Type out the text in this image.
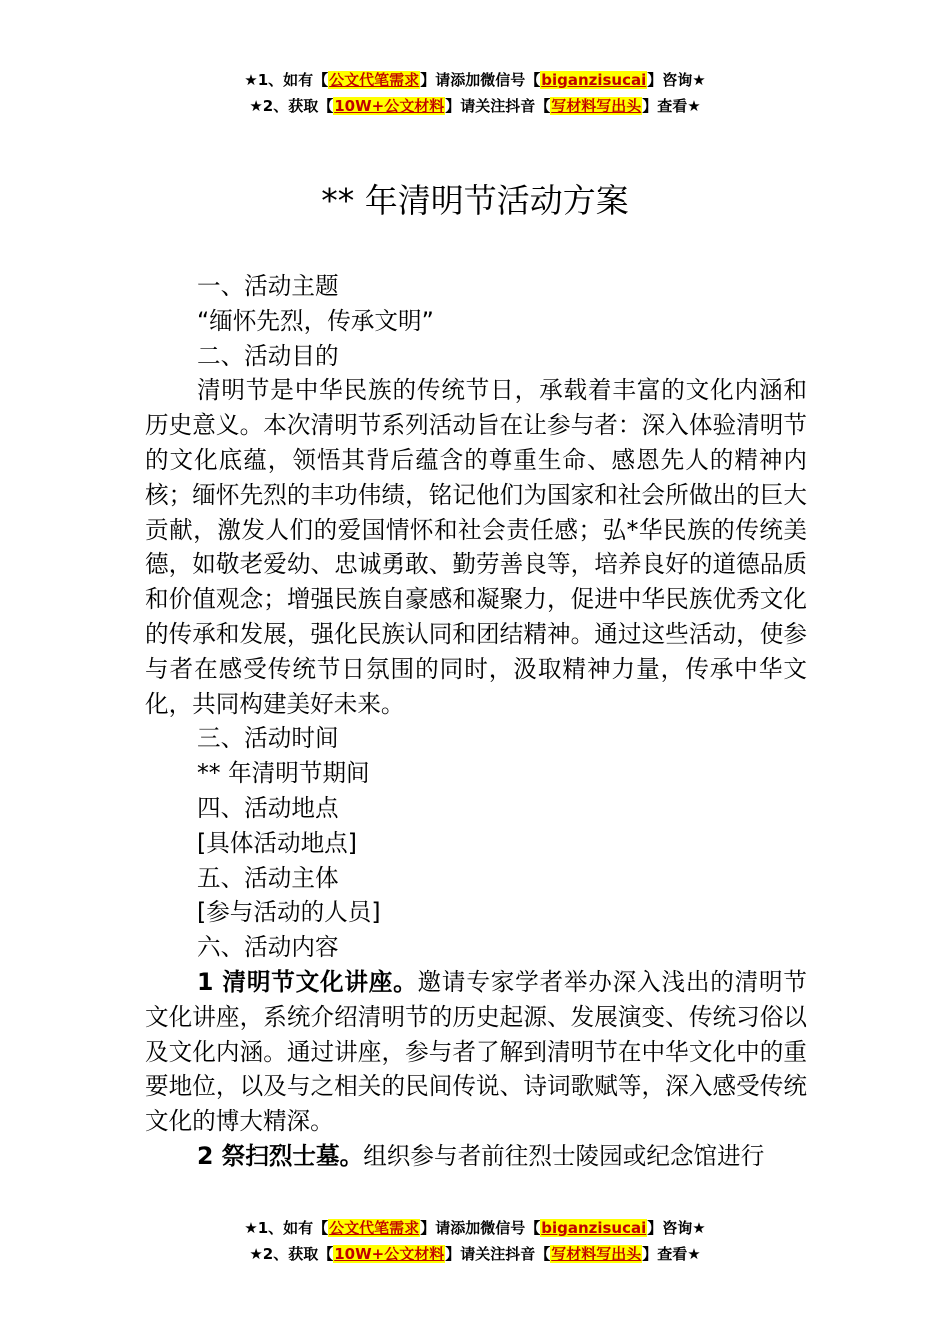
★1、如有【公文代笔需求】请添加微信号【biganzisucai】咨询★
★2、获取【10W+公文材料】请关注抖音【写材料写出头】查看★
** 年清明节活动方案

一、活动主题

“缅怀先烈，传承文明”

二、活动目的

清明节是中华民族的传统节日，承载着丰富的文化内涵和历史意义。本次清明节系列活动旨在让参与者：深入体验清明节的文化底蕴，领悟其背后蕴含的尊重生命、感恩先人的精神内核；缅怀先烈的丰功伟绩，铭记他们为国家和社会所做出的巨大贡献，激发人们的爱国情怀和社会责任感；弘*华民族的传统美德，如敬老爱幼、忠诚勇敢、勤劳善良等，培养良好的道德品质和价值观念；增强民族自豪感和凝聚力，促进中华民族优秀文化的传承和发展，强化民族认同和团结精神。通过这些活动，使参与者在感受传统节日氛围的同时，汲取精神力量，传承中华文化，共同构建美好未来。

三、活动时间

** 年清明节期间

四、活动地点

[具体活动地点]

五、活动主体

[参与活动的人员]

六、活动内容

1 清明节文化讲座。邀请专家学者举办深入浅出的清明节文化讲座，系统介绍清明节的历史起源、发展演变、传统习俗以及文化内涵。通过讲座，参与者了解到清明节在中华文化中的重要地位，以及与之相关的民间传说、诗词歌赋等，深入感受传统文化的博大精深。

2 祭扫烈士墓。组织参与者前往烈士陵园或纪念馆进行

★1、如有【公文代笔需求】请添加微信号【biganzisucai】咨询★
★2、获取【10W+公文材料】请关注抖音【写材料写出头】查看★
